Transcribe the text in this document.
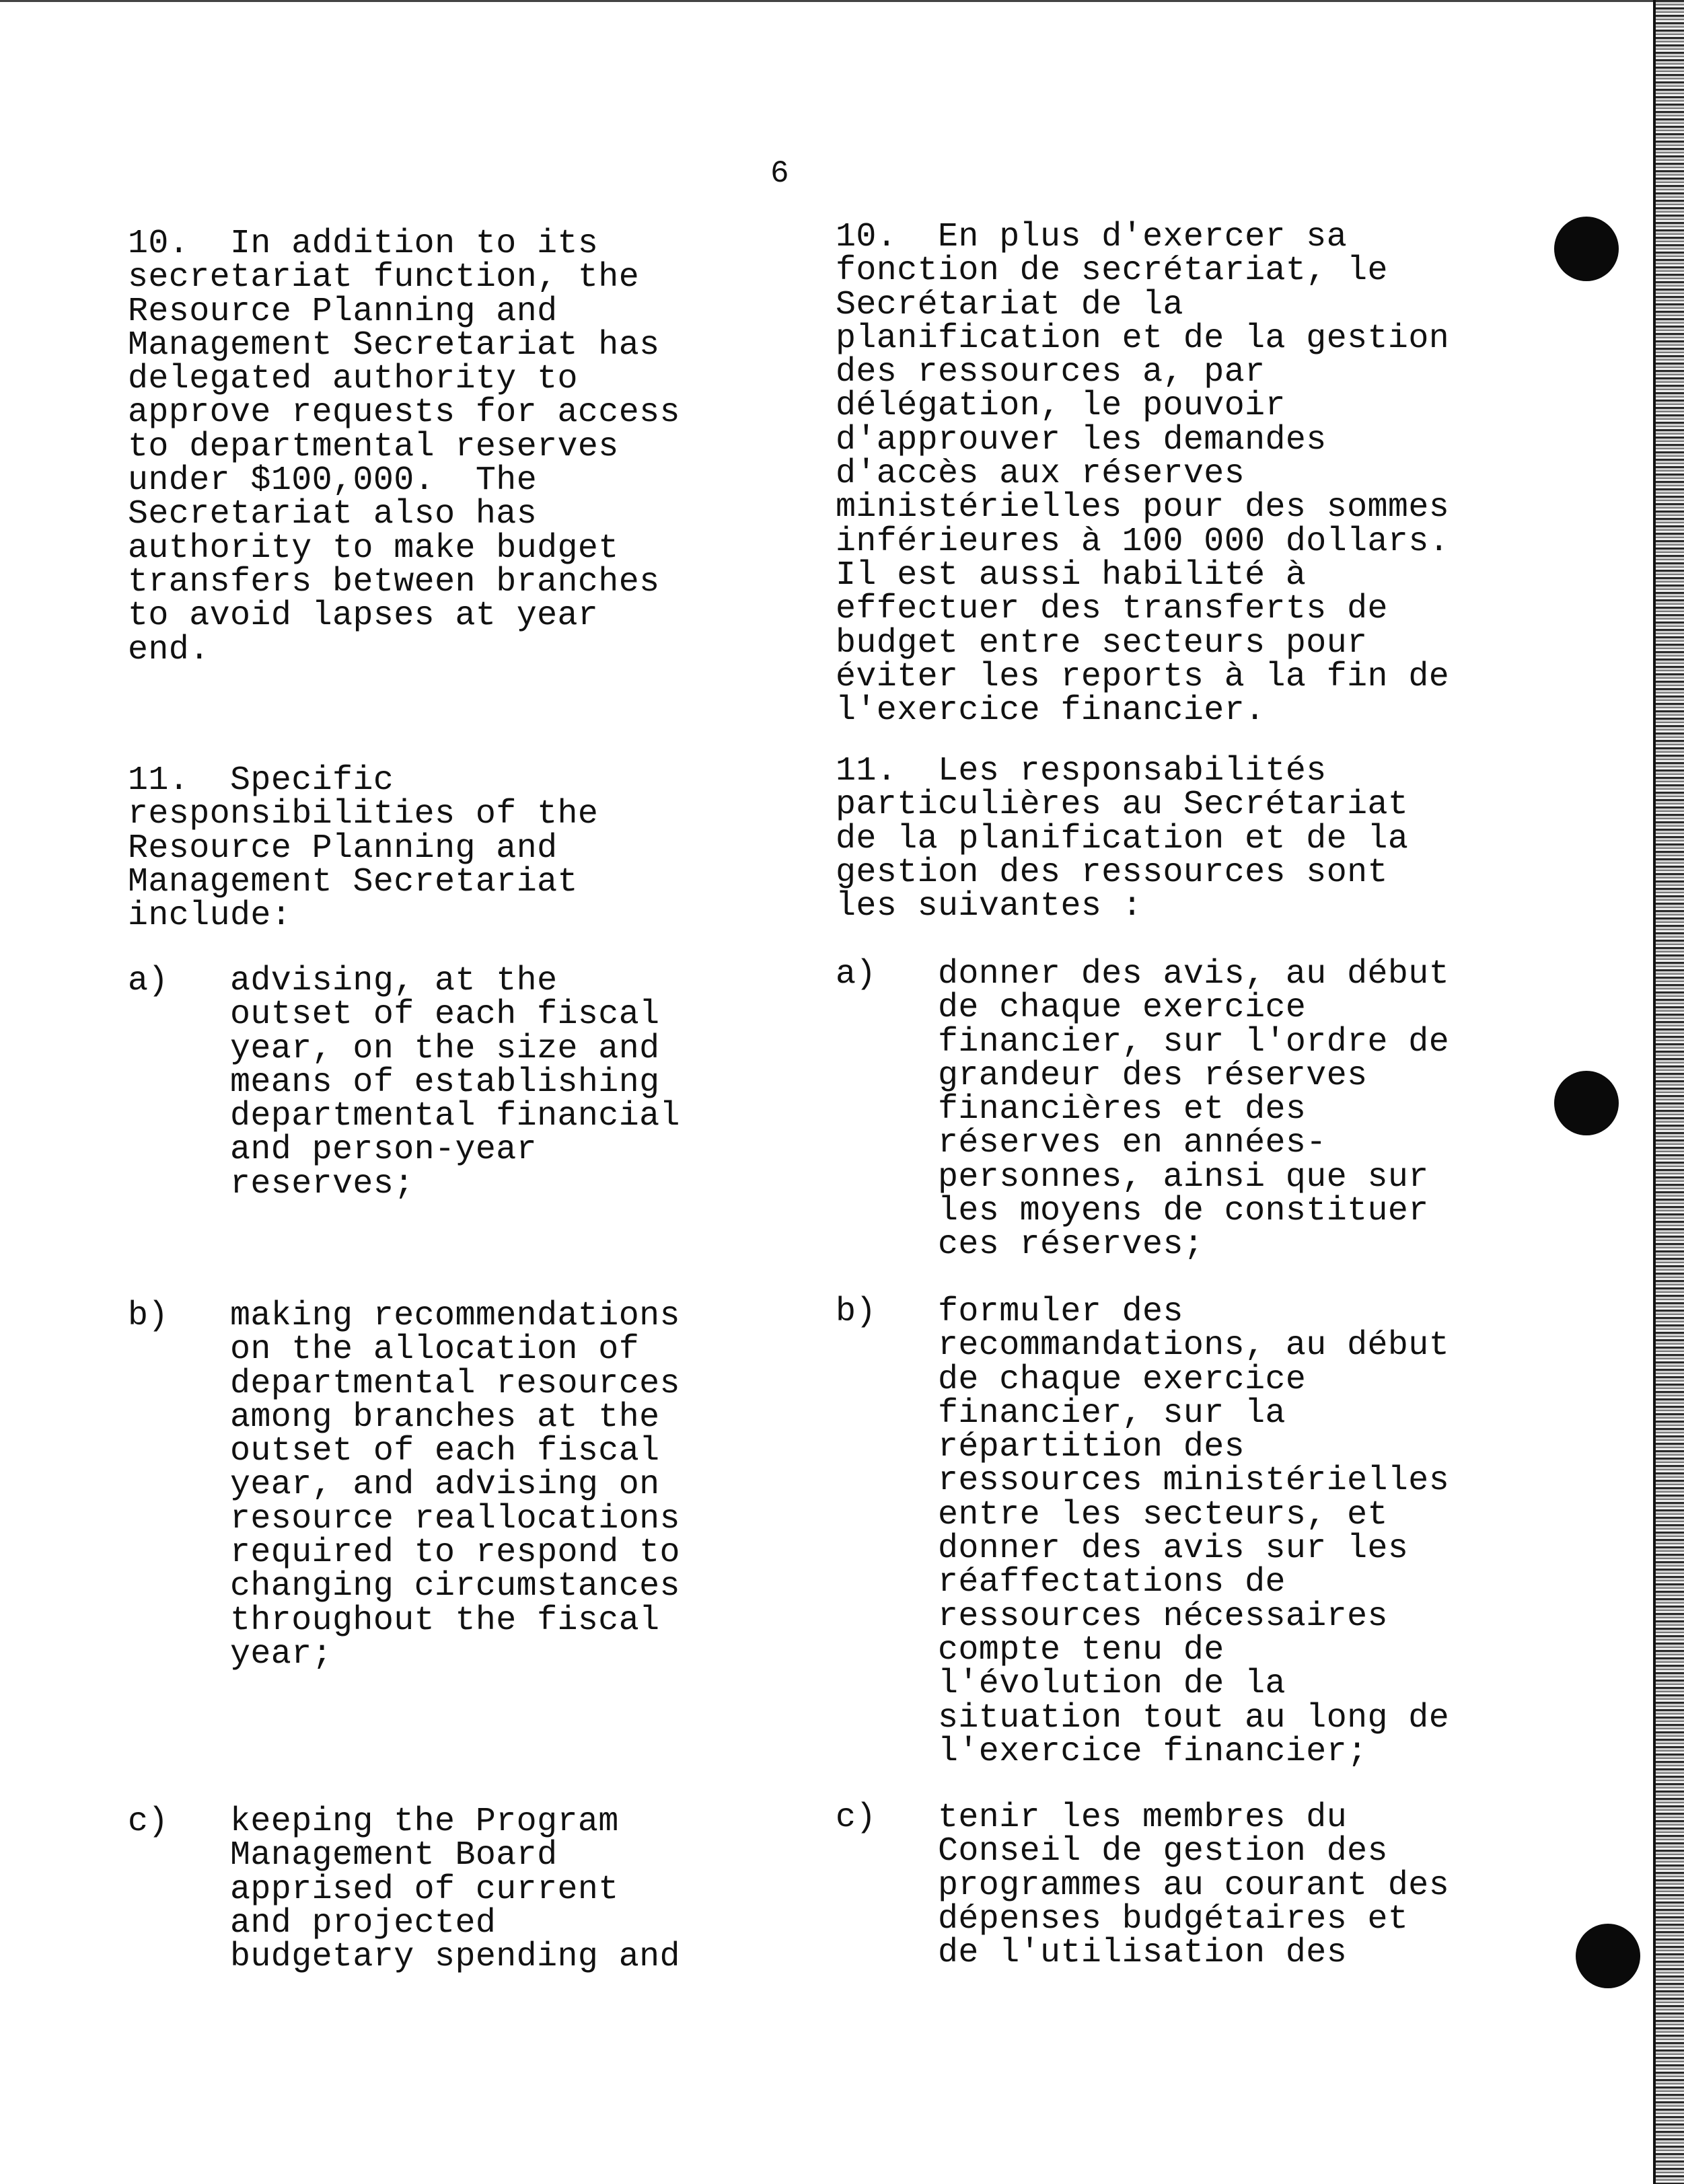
6
10.  In addition to its
secretariat function, the
Resource Planning and
Management Secretariat has
delegated authority to
approve requests for access
to departmental reserves
under $100,000.  The
Secretariat also has
authority to make budget
transfers between branches
to avoid lapses at year
end.
11.  Specific
responsibilities of the
Resource Planning and
Management Secretariat
include:
a) advising, at the
outset of each fiscal
year, on the size and
means of establishing
departmental financial
and person-year
reserves;
b) making recommendations
on the allocation of
departmental resources
among branches at the
outset of each fiscal
year, and advising on
resource reallocations
required to respond to
changing circumstances
throughout the fiscal
year;
c) keeping the Program
Management Board
apprised of current
and projected
budgetary spending and
10.  En plus d'exercer sa
fonction de secrétariat, le
Secrétariat de la
planification et de la gestion
des ressources a, par
délégation, le pouvoir
d'approuver les demandes
d'accès aux réserves
ministérielles pour des sommes
inférieures à 100 000 dollars.
Il est aussi habilité à
effectuer des transferts de
budget entre secteurs pour
éviter les reports à la fin de
l'exercice financier.
11.  Les responsabilités
particulières au Secrétariat
de la planification et de la
gestion des ressources sont
les suivantes :
a) donner des avis, au début
de chaque exercice
financier, sur l'ordre de
grandeur des réserves
financières et des
réserves en années-
personnes, ainsi que sur
les moyens de constituer
ces réserves;
b) formuler des
recommandations, au début
de chaque exercice
financier, sur la
répartition des
ressources ministérielles
entre les secteurs, et
donner des avis sur les
réaffectations de
ressources nécessaires
compte tenu de
l'évolution de la
situation tout au long de
l'exercice financier;
c) tenir les membres du
Conseil de gestion des
programmes au courant des
dépenses budgétaires et
de l'utilisation des
